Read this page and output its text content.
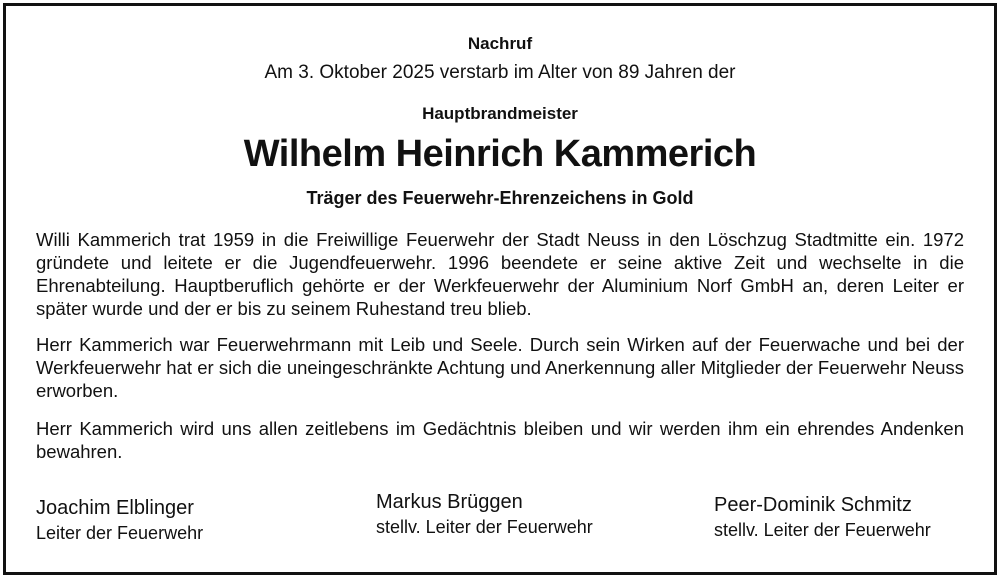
Nachruf
Am 3. Oktober 2025 verstarb im Alter von 89 Jahren der
Hauptbrandmeister
Wilhelm Heinrich Kammerich
Träger des Feuerwehr-Ehrenzeichens in Gold
Willi Kammerich trat 1959 in die Freiwillige Feuerwehr der Stadt Neuss in den Löschzug Stadtmitte ein. 1972 gründete und leitete er die Jugendfeuerwehr. 1996 beendete er seine aktive Zeit und wechselte in die Ehrenabteilung. Hauptberuflich gehörte er der Werkfeuerwehr der Aluminium Norf GmbH an, deren Leiter er später wurde und der er bis zu seinem Ruhestand treu blieb.
Herr Kammerich war Feuerwehrmann mit Leib und Seele. Durch sein Wirken auf der Feuerwache und bei der Werkfeuerwehr hat er sich die uneingeschränkte Achtung und Anerkennung aller Mitglieder der Feuerwehr Neuss erworben.
Herr Kammerich wird uns allen zeitlebens im Gedächtnis bleiben und wir werden ihm ein ehrendes Andenken bewahren.
Joachim Elblinger
Leiter der Feuerwehr
Markus Brüggen
stellv. Leiter der Feuerwehr
Peer-Dominik Schmitz
stellv. Leiter der Feuerwehr
